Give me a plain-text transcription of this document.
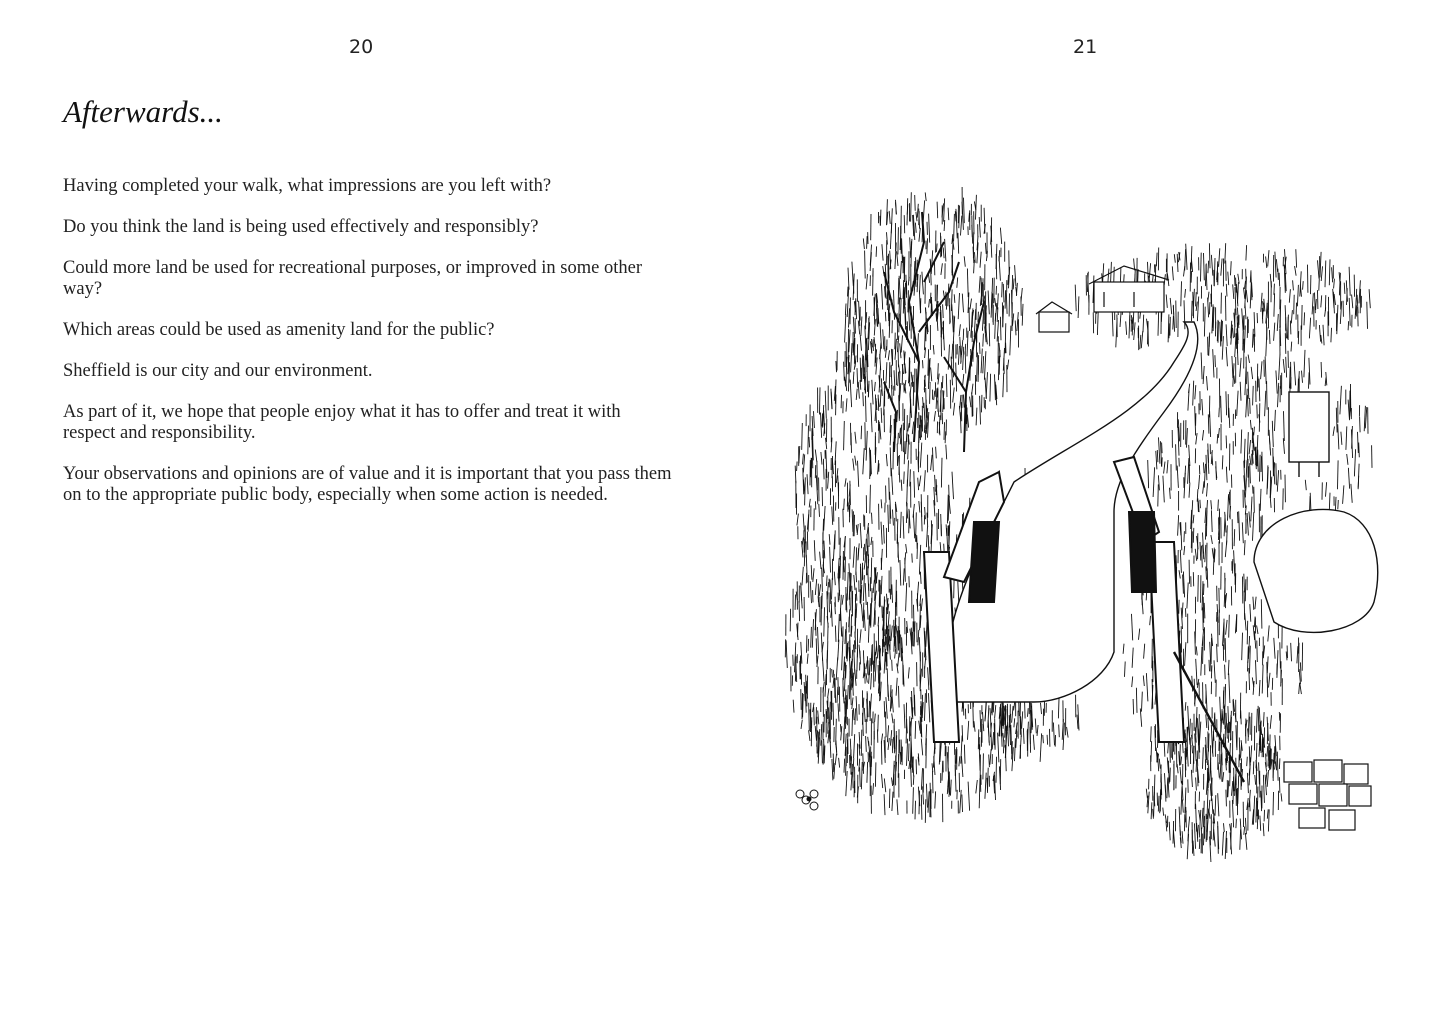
20
Afterwards...

Having completed your walk, what impressions are you left with?

Do you think the land is being used effectively and responsibly?

Could more land be used for recreational purposes, or improved in some other way?

Which areas could be used as amenity land for the public?

Sheffield is our city and our environment.

As part of it, we hope that people enjoy what it has to offer and treat it with respect and responsibility.

Your observations and opinions are of value and it is important that you pass them on to the appropriate public body, especially when some action is needed.

21
